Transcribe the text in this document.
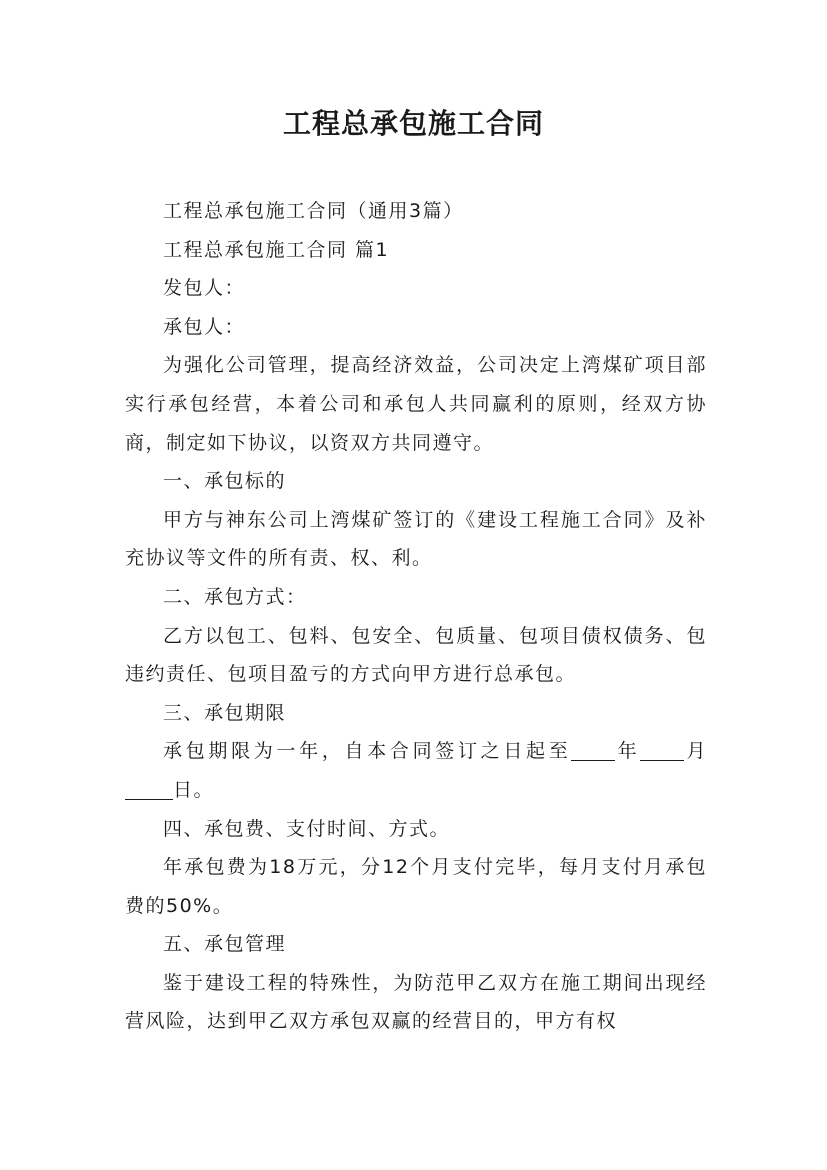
工程总承包施工合同

工程总承包施工合同（通用3篇）

工程总承包施工合同 篇1

发包人：

承包人：

为强化公司管理，提高经济效益，公司决定上湾煤矿项目部实行承包经营，本着公司和承包人共同赢利的原则，经双方协商，制定如下协议，以资双方共同遵守。

一、承包标的

甲方与神东公司上湾煤矿签订的《建设工程施工合同》及补充协议等文件的所有责、权、利。

二、承包方式：

乙方以包工、包料、包安全、包质量、包项目债权债务、包违约责任、包项目盈亏的方式向甲方进行总承包。

三、承包期限

承包期限为一年，自本合同签订之日起至 年 月日。

四、承包费、支付时间、方式。

年承包费为18万元，分12个月支付完毕，每月支付月承包费的50%。

五、承包管理

鉴于建设工程的特殊性，为防范甲乙双方在施工期间出现经营风险，达到甲乙双方承包双赢的经营目的，甲方有权
